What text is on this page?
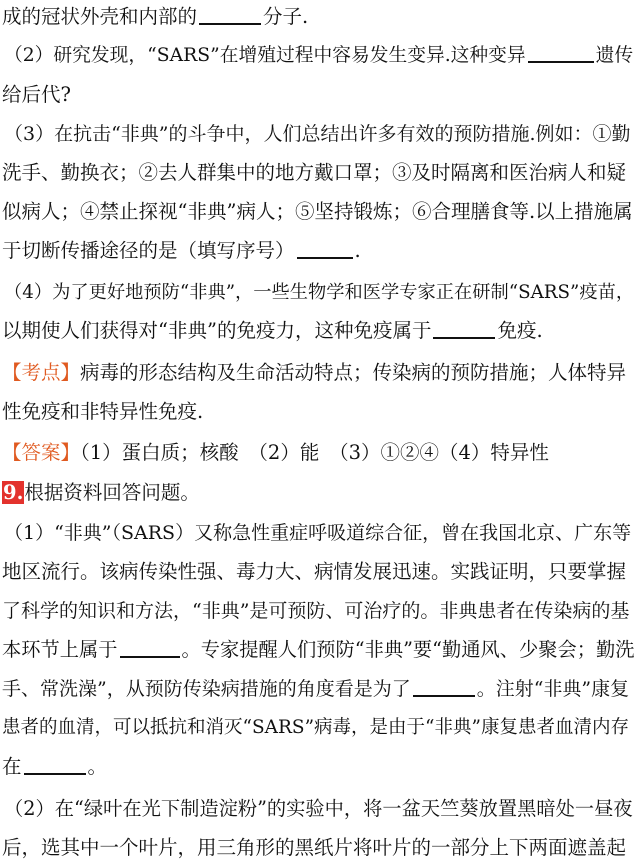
成的冠状外壳和内部的	分子.
（2）研究发现，“SARS”在增殖过程中容易发生变异.这种变异	遗传
给后代?
（3）在抗击“非典”的斗争中，人们总结出许多有效的预防措施.例如：①勤
洗手、勤换衣；②去人群集中的地方戴口罩；③及时隔离和医治病人和疑
似病人；④禁止探视“非典”病人；⑤坚持锻炼；⑥合理膳食等.以上措施属
于切断传播途径的是（填写序号）	.
（4）为了更好地预防“非典”，一些生物学和医学专家正在研制“SARS”疫苗，
以期使人们获得对“非典”的免疫力，这种免疫属于	免疫.
【考点】病毒的形态结构及生命活动特点；传染病的预防措施；人体特异
性免疫和非特异性免疫.
【答案】（1）蛋白质；核酸　（2）能　（3）①②④（4）特异性
9.根据资料回答问题。
（1）“非典”（SARS）又称急性重症呼吸道综合征，曾在我国北京、广东等
地区流行。该病传染性强、毒力大、病情发展迅速。实践证明，只要掌握
了科学的知识和方法，“非典”是可预防、可治疗的。非典患者在传染病的基
本环节上属于	。专家提醒人们预防“非典”要“勤通风、少聚会；勤洗
手、常洗澡”，从预防传染病措施的角度看是为了	。注射“非典”康复
患者的血清，可以抵抗和消灭“SARS”病毒，是由于“非典”康复患者血清内存
在	。
（2）在“绿叶在光下制造淀粉”的实验中，将一盆天竺葵放置黑暗处一昼夜
后，选其中一个叶片，用三角形的黑纸片将叶片的一部分上下两面遮盖起
